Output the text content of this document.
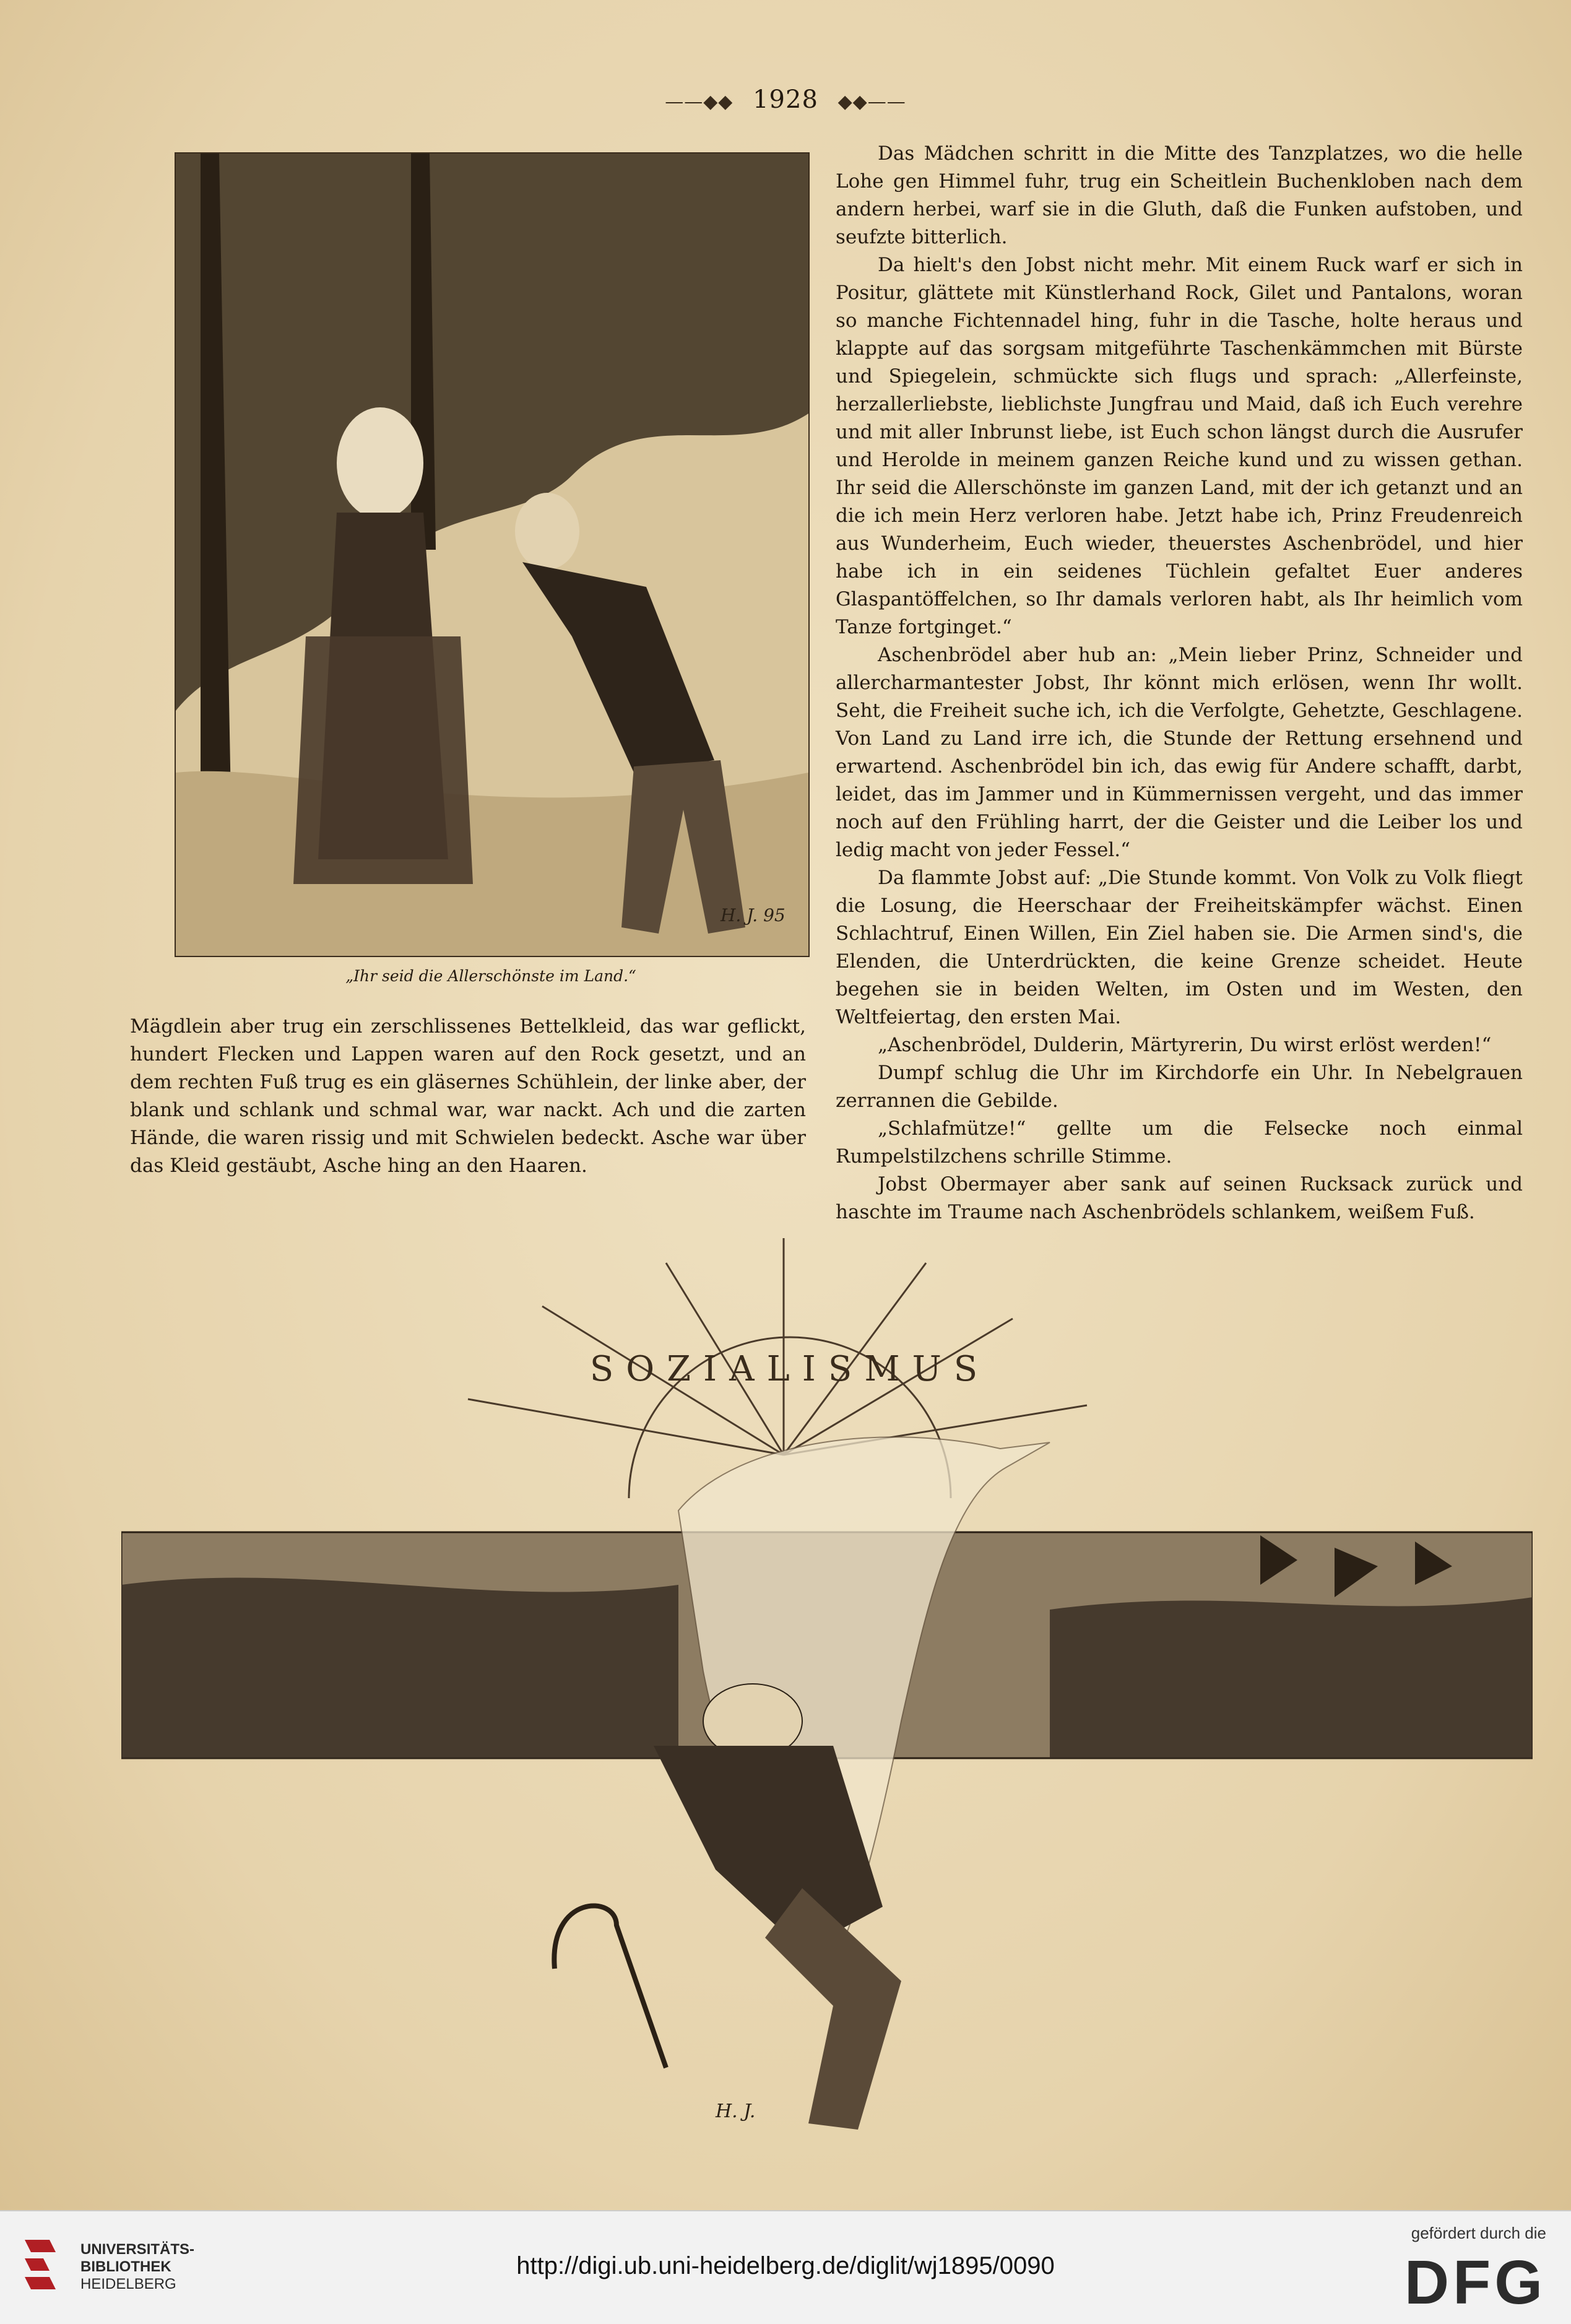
——◆◆ 1928 ◆◆——
H. J. 95
„Ihr seid die Allerschönste im Land.“

Mägdlein aber trug ein zerschlissenes Bettelkleid, das war geflickt, hundert Flecken und Lappen waren auf den Rock gesetzt, und an dem rechten Fuß trug es ein gläsernes Schühlein, der linke aber, der blank und schlank und schmal war, war nackt. Ach und die zarten Hände, die waren rissig und mit Schwielen bedeckt. Asche war über das Kleid gestäubt, Asche hing an den Haaren.

Das Mädchen schritt in die Mitte des Tanzplatzes, wo die helle Lohe gen Himmel fuhr, trug ein Scheitlein Buchenkloben nach dem andern herbei, warf sie in die Gluth, daß die Funken aufstoben, und seufzte bitterlich.

Da hielt's den Jobst nicht mehr. Mit einem Ruck warf er sich in Positur, glättete mit Künstlerhand Rock, Gilet und Pantalons, woran so manche Fichtennadel hing, fuhr in die Tasche, holte heraus und klappte auf das sorgsam mitgeführte Taschenkämmchen mit Bürste und Spiegelein, schmückte sich flugs und sprach: „Allerfeinste, herzallerliebste, lieblichste Jungfrau und Maid, daß ich Euch verehre und mit aller Inbrunst liebe, ist Euch schon längst durch die Ausrufer und Herolde in meinem ganzen Reiche kund und zu wissen gethan. Ihr seid die Allerschönste im ganzen Land, mit der ich getanzt und an die ich mein Herz verloren habe. Jetzt habe ich, Prinz Freudenreich aus Wunderheim, Euch wieder, theuerstes Aschenbrödel, und hier habe ich in ein seidenes Tüchlein gefaltet Euer anderes Glaspantöffelchen, so Ihr damals verloren habt, als Ihr heimlich vom Tanze fortginget.“

Aschenbrödel aber hub an: „Mein lieber Prinz, Schneider und allercharmantester Jobst, Ihr könnt mich erlösen, wenn Ihr wollt. Seht, die Freiheit suche ich, ich die Verfolgte, Gehetzte, Geschlagene. Von Land zu Land irre ich, die Stunde der Rettung ersehnend und erwartend. Aschenbrödel bin ich, das ewig für Andere schafft, darbt, leidet, das im Jammer und in Kümmernissen vergeht, und das immer noch auf den Frühling harrt, der die Geister und die Leiber los und ledig macht von jeder Fessel.“

Da flammte Jobst auf: „Die Stunde kommt. Von Volk zu Volk fliegt die Losung, die Heerschaar der Freiheitskämpfer wächst. Einen Schlachtruf, Einen Willen, Ein Ziel haben sie. Die Armen sind's, die Elenden, die Unterdrückten, die keine Grenze scheidet. Heute begehen sie in beiden Welten, im Osten und im Westen, den Weltfeiertag, den ersten Mai.

„Aschenbrödel, Dulderin, Märtyrerin, Du wirst erlöst werden!“

Dumpf schlug die Uhr im Kirchdorfe ein Uhr. In Nebelgrauen zerrannen die Gebilde.

„Schlafmütze!“ gellte um die Felsecke noch einmal Rumpelstilzchens schrille Stimme.

Jobst Obermayer aber sank auf seinen Rucksack zurück und haschte im Traume nach Aschenbrödels schlankem, weißem Fuß.

SOZIALISMUS
H. J.
UNIVERSITÄTS-
BIBLIOTHEK
HEIDELBERG
http://digi.ub.uni-heidelberg.de/diglit/wj1895/0090
gefördert durch die
DFG
